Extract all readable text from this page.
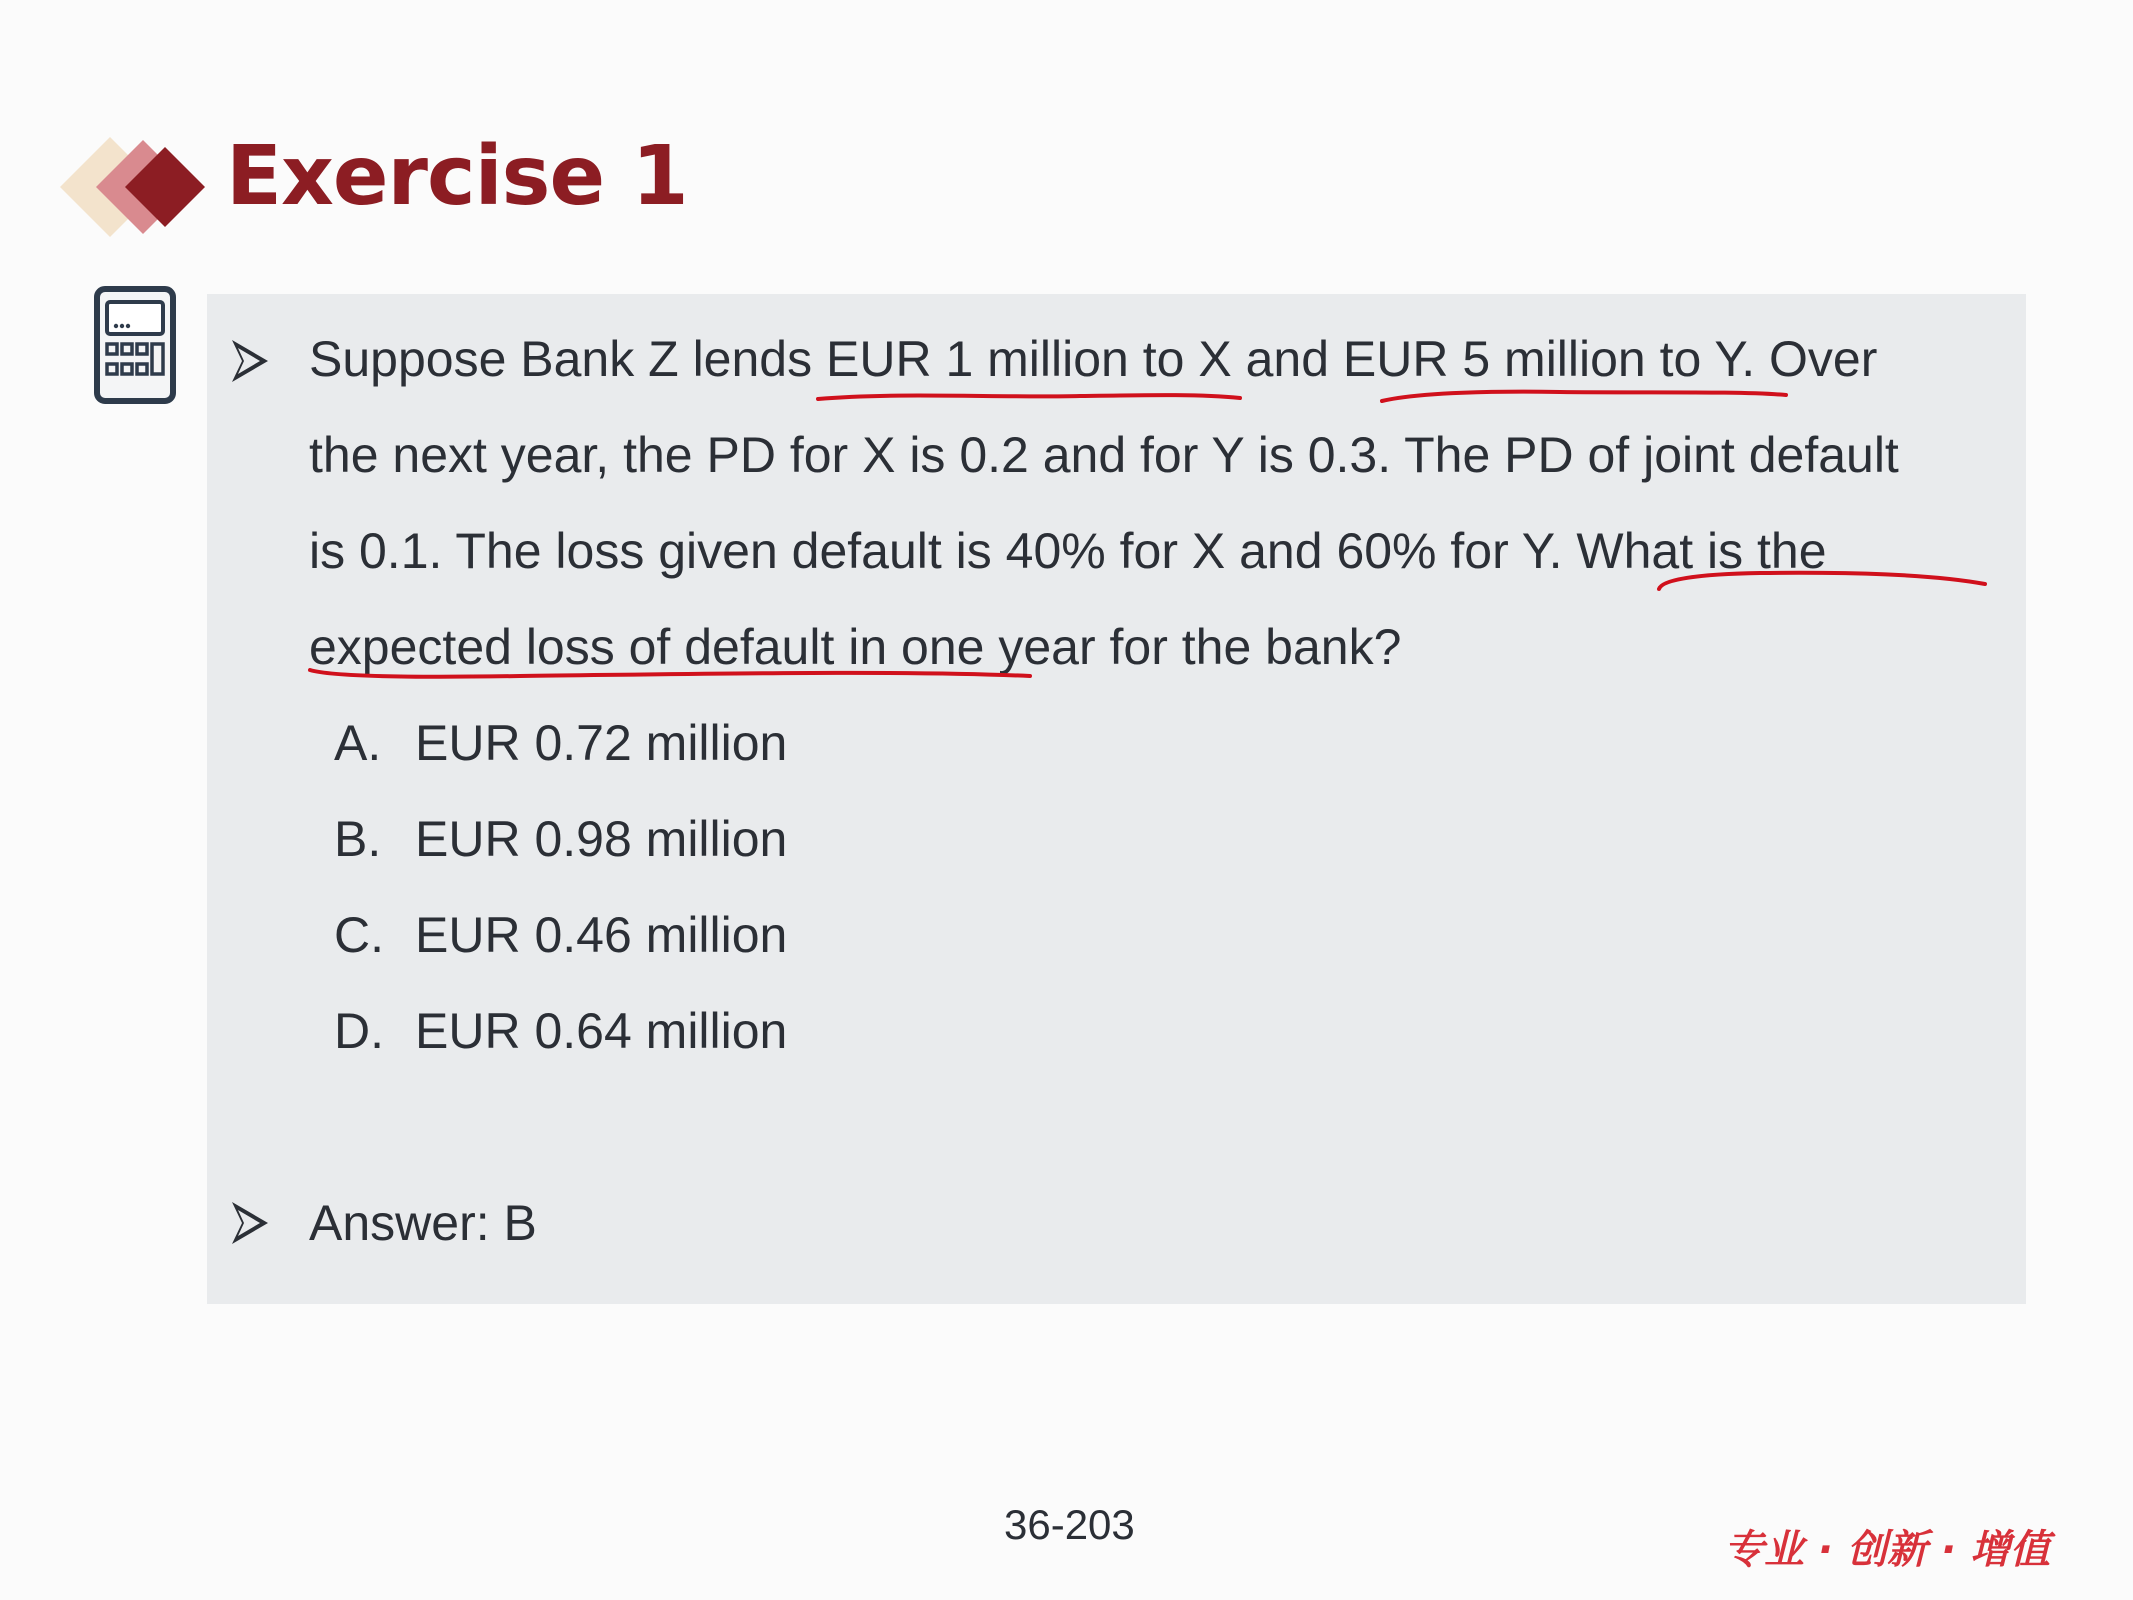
Exercise 1
Suppose Bank Z lends EUR 1 million to X and EUR 5 million to Y. Over
the next year, the PD for X is 0.2 and for Y is 0.3. The PD of joint default
is 0.1. The loss given default is 40% for X and 60% for Y. What is the
expected loss of default in one year for the bank?
A. EUR 0.72 million
B. EUR 0.98 million
C. EUR 0.46 million
D. EUR 0.64 million
Answer: B
36-203
专业 · 创新 · 增值
